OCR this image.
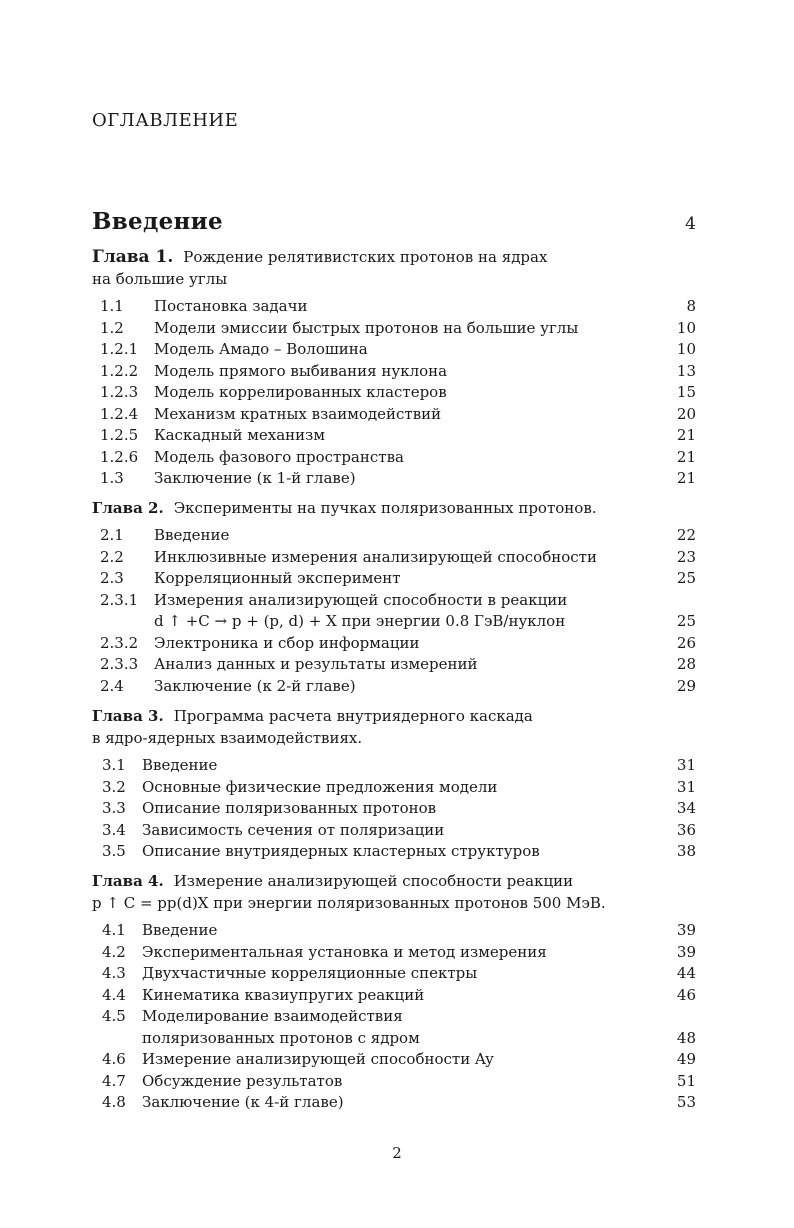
ОГЛАВЛЕНИЕ
Введение	4
Глава 1. Рождение релятивистских протонов на ядрах
на большие углы
1.1	Постановка задачи	8
1.2	Модели эмиссии быстрых протонов на большие углы	10
1.2.1	Модель Амадо – Волошина	10
1.2.2	Модель прямого выбивания нуклона	13
1.2.3	Модель коррелированных кластеров	15
1.2.4	Механизм кратных взаимодействий	20
1.2.5	Каскадный механизм	21
1.2.6	Модель фазового пространства	21
1.3	Заключение (к 1-й главе)	21
Глава 2. Эксперименты на пучках поляризованных протонов.
2.1	Введение	22
2.2	Инклюзивные измерения анализирующей способности	23
2.3	Корреляционный эксперимент	25
2.3.1	Измерения анализирующей способности в реакции
d ↑ +C → p + (p, d) + X при энергии 0.8 ГэВ/нуклон	25
2.3.2	Электроника и сбор информации	26
2.3.3	Анализ данных и результаты измерений	28
2.4	Заключение (к 2-й главе)	29
Глава 3. Программа расчета внутриядерного каскада
в ядро-ядерных взаимодействиях.
3.1	Введение	31
3.2	Основные физические предложения модели	31
3.3	Описание поляризованных протонов	34
3.4	Зависимость сечения от поляризации	36
3.5	Описание внутриядерных кластерных структуров	38
Глава 4. Измерение анализирующей способности реакции
p ↑ C = pp(d)X при энергии поляризованных протонов 500 МэВ.
4.1	Введение	39
4.2	Экспериментальная установка и метод измерения	39
4.3	Двухчастичные корреляционные спектры	44
4.4	Кинематика квазиупругих реакций	46
4.5	Моделирование взаимодействия
поляризованных протонов с ядром	48
4.6	Измерение анализирующей способности Ay	49
4.7	Обсуждение результатов	51
4.8	Заключение (к 4-й главе)	53
2
